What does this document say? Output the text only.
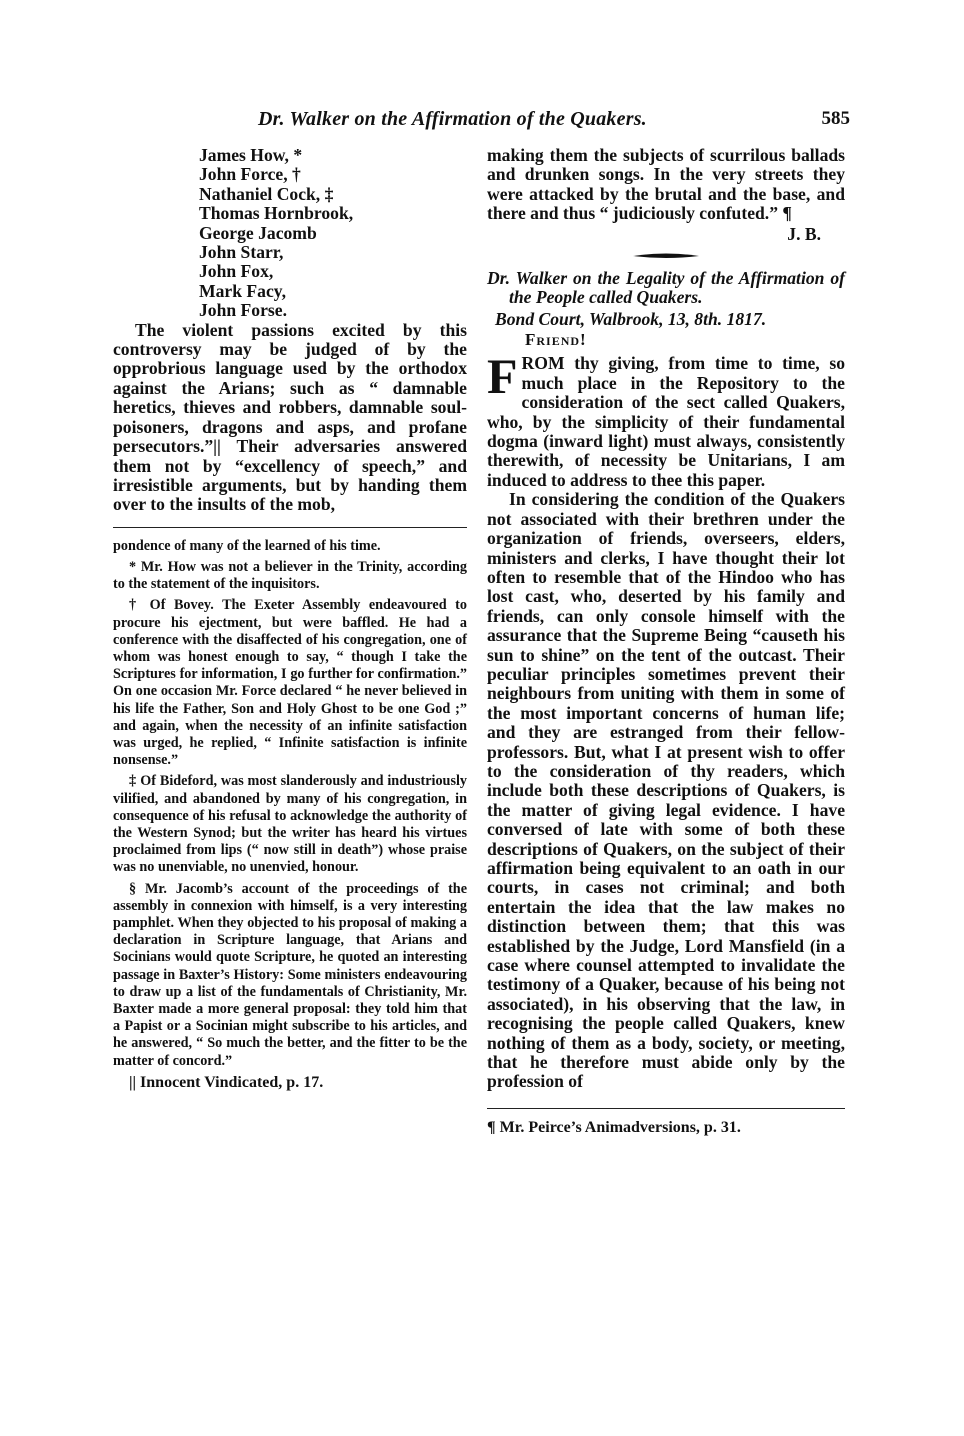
Dr. Walker on the Affirmation of the Quakers.	585
James How, *
John Force, †
Nathaniel Cock, ‡
Thomas Hornbrook,
George Jacomb
John Starr,
John Fox,
Mark Facy,
John Forse.

The violent passions excited by this controversy may be judged of by the opprobrious language used by the orthodox against the Arians; such as “ damnable heretics, thieves and robbers, damnable soul-poisoners, dragons and asps, and profane persecutors.”|| Their adversaries answered them not by “excellency of speech,” and irresistible arguments, but by handing them over to the insults of the mob,

pondence of many of the learned of his time.

* Mr. How was not a believer in the Trinity, according to the statement of the inquisitors.

† Of Bovey. The Exeter Assembly endeavoured to procure his ejectment, but were baffled. He had a conference with the disaffected of his congregation, one of whom was honest enough to say, “ though I take the Scriptures for information, I go further for confirmation.” On one occasion Mr. Force declared “ he never believed in his life the Father, Son and Holy Ghost to be one God ;” and again, when the necessity of an infinite satisfaction was urged, he replied, “ Infinite satisfaction is infinite nonsense.”

‡ Of Bideford, was most slanderously and industriously vilified, and abandoned by many of his congregation, in consequence of his refusal to acknowledge the authority of the Western Synod; but the writer has heard his virtues proclaimed from lips (“ now still in death”) whose praise was no unenviable, no unenvied, honour.

§ Mr. Jacomb’s account of the proceedings of the assembly in connexion with himself, is a very interesting pamphlet. When they objected to his proposal of making a declaration in Scripture language, that Arians and Socinians would quote Scripture, he quoted an interesting passage in Baxter’s History: Some ministers endeavouring to draw up a list of the fundamentals of Christianity, Mr. Baxter made a more general proposal: they told him that a Papist or a Socinian might subscribe to his articles, and he answered, “ So much the better, and the fitter to be the matter of concord.”

|| Innocent Vindicated, p. 17.

making them the subjects of scurrilous ballads and drunken songs. In the very streets they were attacked by the brutal and the base, and there and thus “ judiciously confuted.” ¶

J. B.

Dr. Walker on the Legality of the Affirmation of the People called Quakers.

Bond Court, Walbrook, 13, 8th. 1817.
Friend!

FROM thy giving, from time to time, so much place in the Repository to the consideration of the sect called Quakers, who, by the simplicity of their fundamental dogma (inward light) must always, consistently therewith, of necessity be Unitarians, I am induced to address to thee this paper.

In considering the condition of the Quakers not associated with their brethren under the organization of friends, overseers, elders, ministers and clerks, I have thought their lot often to resemble that of the Hindoo who has lost cast, who, deserted by his family and friends, can only console himself with the assurance that the Supreme Being “causeth his sun to shine” on the tent of the outcast. Their peculiar principles sometimes prevent their neighbours from uniting with them in some of the most important concerns of human life; and they are estranged from their fellow-professors. But, what I at present wish to offer to the consideration of thy readers, which include both these descriptions of Quakers, is the matter of giving legal evidence. I have conversed of late with some of both these descriptions of Quakers, on the subject of their affirmation being equivalent to an oath in our courts, in cases not criminal; and both entertain the idea that the law makes no distinction between them; that this was established by the Judge, Lord Mansfield (in a case where counsel attempted to invalidate the testimony of a Quaker, because of his being not associated), in his observing that the law, in recognising the people called Quakers, knew nothing of them as a body, society, or meeting, that he therefore must abide only by the profession of

¶ Mr. Peirce’s Animadversions, p. 31.
